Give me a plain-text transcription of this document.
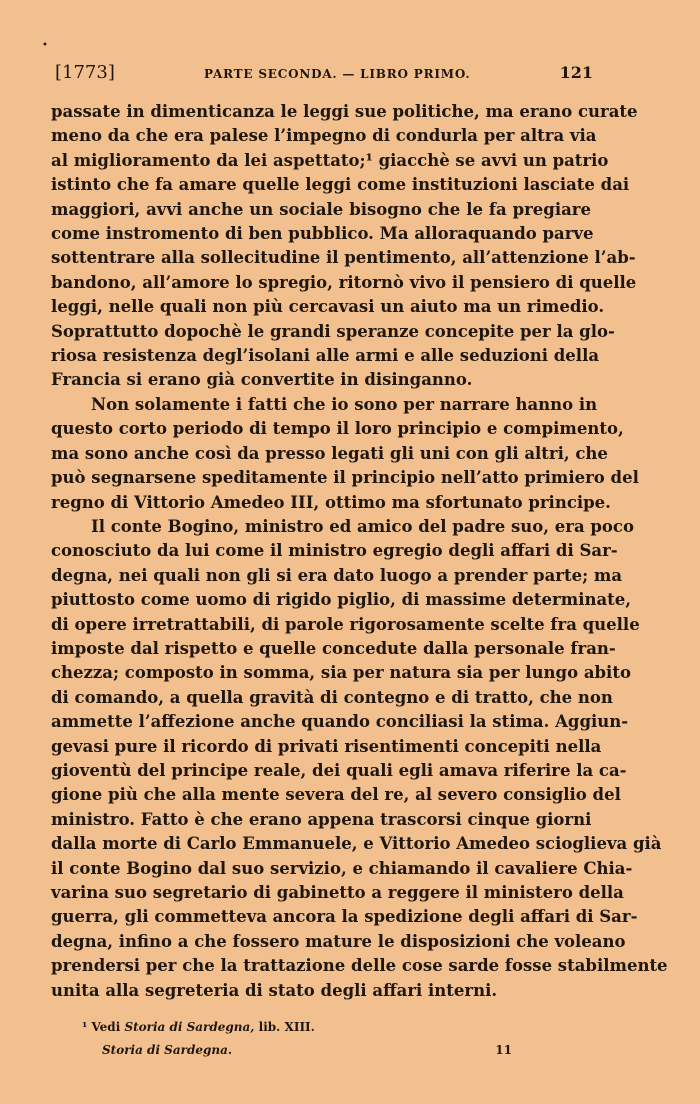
•
[1773]	PARTE SECONDA. — LIBRO PRIMO.	121
passate in dimenticanza le leggi sue politiche, ma erano curate
meno da che era palese l’impegno di condurla per altra via
al miglioramento da lei aspettato;¹ giacchè se avvi un patrio
istinto che fa amare quelle leggi come instituzioni lasciate dai
maggiori, avvi anche un sociale bisogno che le fa pregiare
come instromento di ben pubblico. Ma alloraquando parve
sottentrare alla sollecitudine il pentimento, all’attenzione l’ab-
bandono, all’amore lo spregio, ritornò vivo il pensiero di quelle
leggi, nelle quali non più cercavasi un aiuto ma un rimedio.
Soprattutto dopochè le grandi speranze concepite per la glo-
riosa resistenza degl’isolani alle armi e alle seduzioni della
Francia si erano già convertite in disinganno.
Non solamente i fatti che io sono per narrare hanno in
questo corto periodo di tempo il loro principio e compimento,
ma sono anche così da presso legati gli uni con gli altri, che
può segnarsene speditamente il principio nell’atto primiero del
regno di Vittorio Amedeo III, ottimo ma sfortunato principe.
Il conte Bogino, ministro ed amico del padre suo, era poco
conosciuto da lui come il ministro egregio degli affari di Sar-
degna, nei quali non gli si era dato luogo a prender parte; ma
piuttosto come uomo di rigido piglio, di massime determinate,
di opere irretrattabili, di parole rigorosamente scelte fra quelle
imposte dal rispetto e quelle concedute dalla personale fran-
chezza; composto in somma, sia per natura sia per lungo abito
di comando, a quella gravità di contegno e di tratto, che non
ammette l’affezione anche quando conciliasi la stima. Aggiun-
gevasi pure il ricordo di privati risentimenti concepiti nella
gioventù del principe reale, dei quali egli amava riferire la ca-
gione più che alla mente severa del re, al severo consiglio del
ministro. Fatto è che erano appena trascorsi cinque giorni
dalla morte di Carlo Emmanuele, e Vittorio Amedeo scioglieva già
il conte Bogino dal suo servizio, e chiamando il cavaliere Chia-
varina suo segretario di gabinetto a reggere il ministero della
guerra, gli commetteva ancora la spedizione degli affari di Sar-
degna, infino a che fossero mature le disposizioni che voleano
prendersi per che la trattazione delle cose sarde fosse stabilmente
unita alla segreteria di stato degli affari interni.
¹ Vedi Storia di Sardegna, lib. XIII.
Storia di Sardegna.	11
